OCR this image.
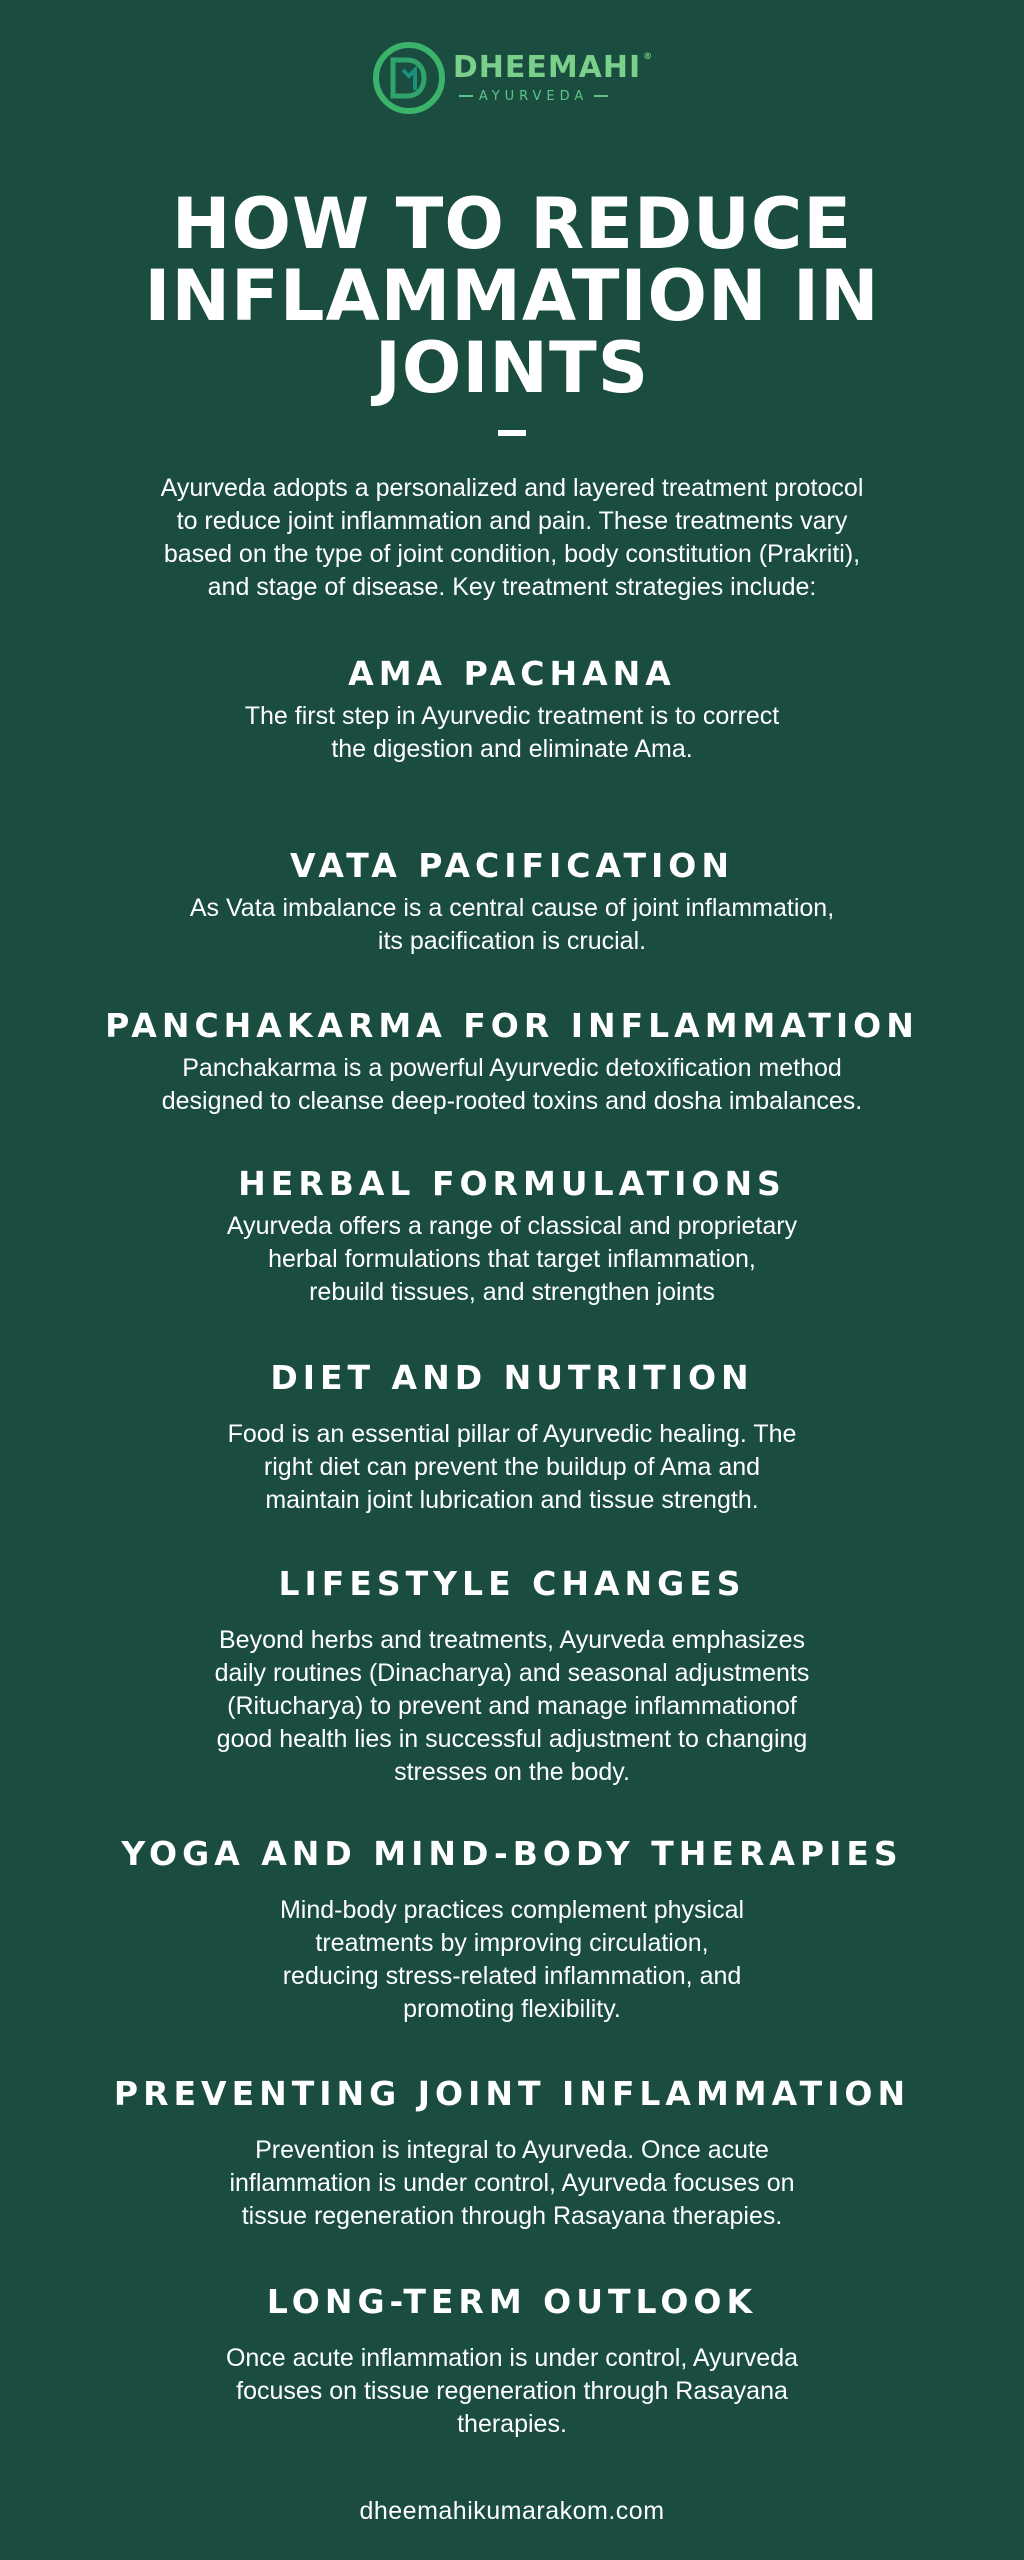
DHEEMAHI ®
AYURVEDA
HOW TO REDUCE
INFLAMMATION IN
JOINTS

Ayurveda adopts a personalized and layered treatment protocol
to reduce joint inflammation and pain. These treatments vary
based on the type of joint condition, body constitution (Prakriti),
and stage of disease. Key treatment strategies include:

AMA PACHANA

The first step in Ayurvedic treatment is to correct
the digestion and eliminate Ama.

VATA PACIFICATION

As Vata imbalance is a central cause of joint inflammation,
its pacification is crucial.

PANCHAKARMA FOR INFLAMMATION

Panchakarma is a powerful Ayurvedic detoxification method
designed to cleanse deep-rooted toxins and dosha imbalances.

HERBAL FORMULATIONS

Ayurveda offers a range of classical and proprietary
herbal formulations that target inflammation,
rebuild tissues, and strengthen joints

DIET AND NUTRITION

Food is an essential pillar of Ayurvedic healing. The
right diet can prevent the buildup of Ama and
maintain joint lubrication and tissue strength.

LIFESTYLE CHANGES

Beyond herbs and treatments, Ayurveda emphasizes
daily routines (Dinacharya) and seasonal adjustments
(Ritucharya) to prevent and manage inflammationof
good health lies in successful adjustment to changing
stresses on the body.

YOGA AND MIND-BODY THERAPIES

Mind-body practices complement physical
treatments by improving circulation,
reducing stress-related inflammation, and
promoting flexibility.

PREVENTING JOINT INFLAMMATION

Prevention is integral to Ayurveda. Once acute
inflammation is under control, Ayurveda focuses on
tissue regeneration through Rasayana therapies.

LONG-TERM OUTLOOK

Once acute inflammation is under control, Ayurveda
focuses on tissue regeneration through Rasayana
therapies.

dheemahikumarakom.com
